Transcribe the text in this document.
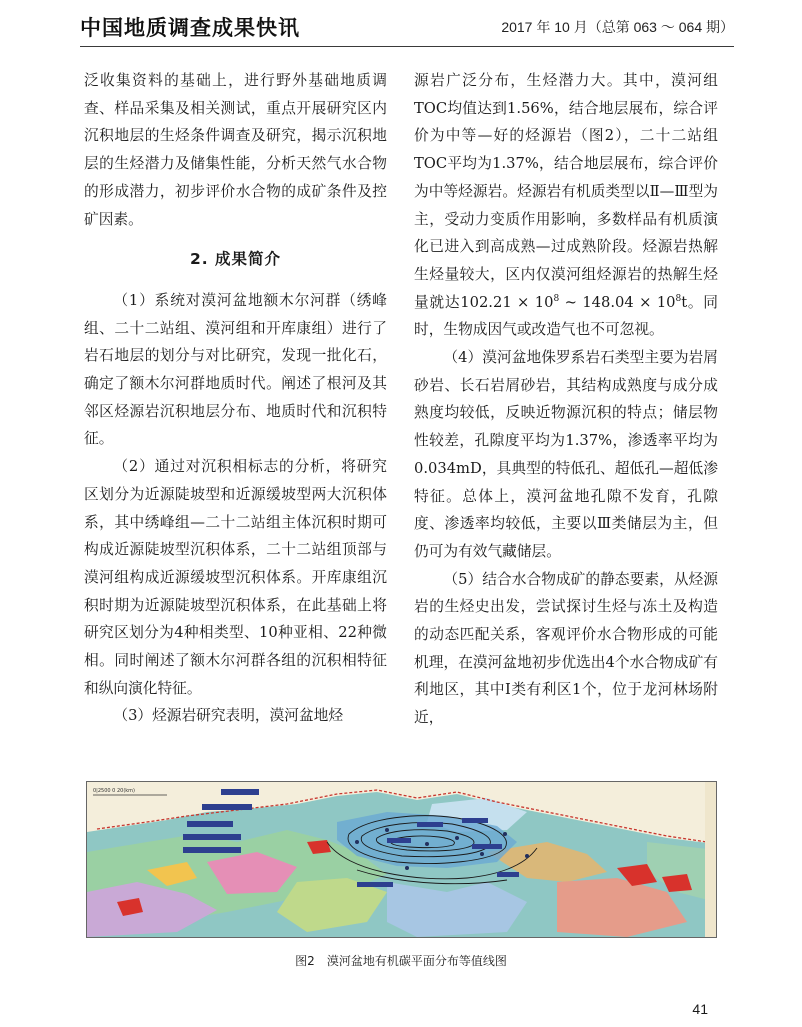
中国地质调查成果快讯	2017 年 10 月（总第 063 ～ 064 期）

泛收集资料的基础上，进行野外基础地质调查、样品采集及相关测试，重点开展研究区内沉积地层的生烃条件调查及研究，揭示沉积地层的生烃潜力及储集性能，分析天然气水合物的形成潜力，初步评价水合物的成矿条件及控矿因素。

2. 成果简介

（1）系统对漠河盆地额木尔河群（绣峰组、二十二站组、漠河组和开库康组）进行了岩石地层的划分与对比研究，发现一批化石，确定了额木尔河群地质时代。阐述了根河及其邻区烃源岩沉积地层分布、地质时代和沉积特征。

（2）通过对沉积相标志的分析，将研究区划分为近源陡坡型和近源缓坡型两大沉积体系，其中绣峰组—二十二站组主体沉积时期可构成近源陡坡型沉积体系，二十二站组顶部与漠河组构成近源缓坡型沉积体系。开库康组沉积时期为近源陡坡型沉积体系，在此基础上将研究区划分为4种相类型、10种亚相、22种微相。同时阐述了额木尔河群各组的沉积相特征和纵向演化特征。

（3）烃源岩研究表明，漠河盆地烃

源岩广泛分布，生烃潜力大。其中，漠河组TOC均值达到1.56%，结合地层展布，综合评价为中等—好的烃源岩（图2），二十二站组TOC平均为1.37%，结合地层展布，综合评价为中等烃源岩。烃源岩有机质类型以Ⅱ—Ⅲ型为主，受动力变质作用影响，多数样品有机质演化已进入到高成熟—过成熟阶段。烃源岩热解生烃量较大，区内仅漠河组烃源岩的热解生烃量就达$102.21 \times 10^8$ ~ $148.04 \times 10^8t$。同时，生物成因气或改造气也不可忽视。

（4）漠河盆地侏罗系岩石类型主要为岩屑砂岩、长石岩屑砂岩，其结构成熟度与成分成熟度均较低，反映近物源沉积的特点；储层物性较差，孔隙度平均为1.37%，渗透率平均为0.034mD，具典型的特低孔、超低孔—超低渗特征。总体上，漠河盆地孔隙不发育，孔隙度、渗透率均较低，主要以Ⅲ类储层为主，但仍可为有效气藏储层。

（5）结合水合物成矿的静态要素，从烃源岩的生烃史出发，尝试探讨生烃与冻土及构造的动态匹配关系，客观评价水合物形成的可能机理，在漠河盆地初步优选出4个水合物成矿有利地区，其中Ⅰ类有利区1个，位于龙河林场附近，

0|2500 0 20(km)
图2 漠河盆地有机碳平面分布等值线图
41
